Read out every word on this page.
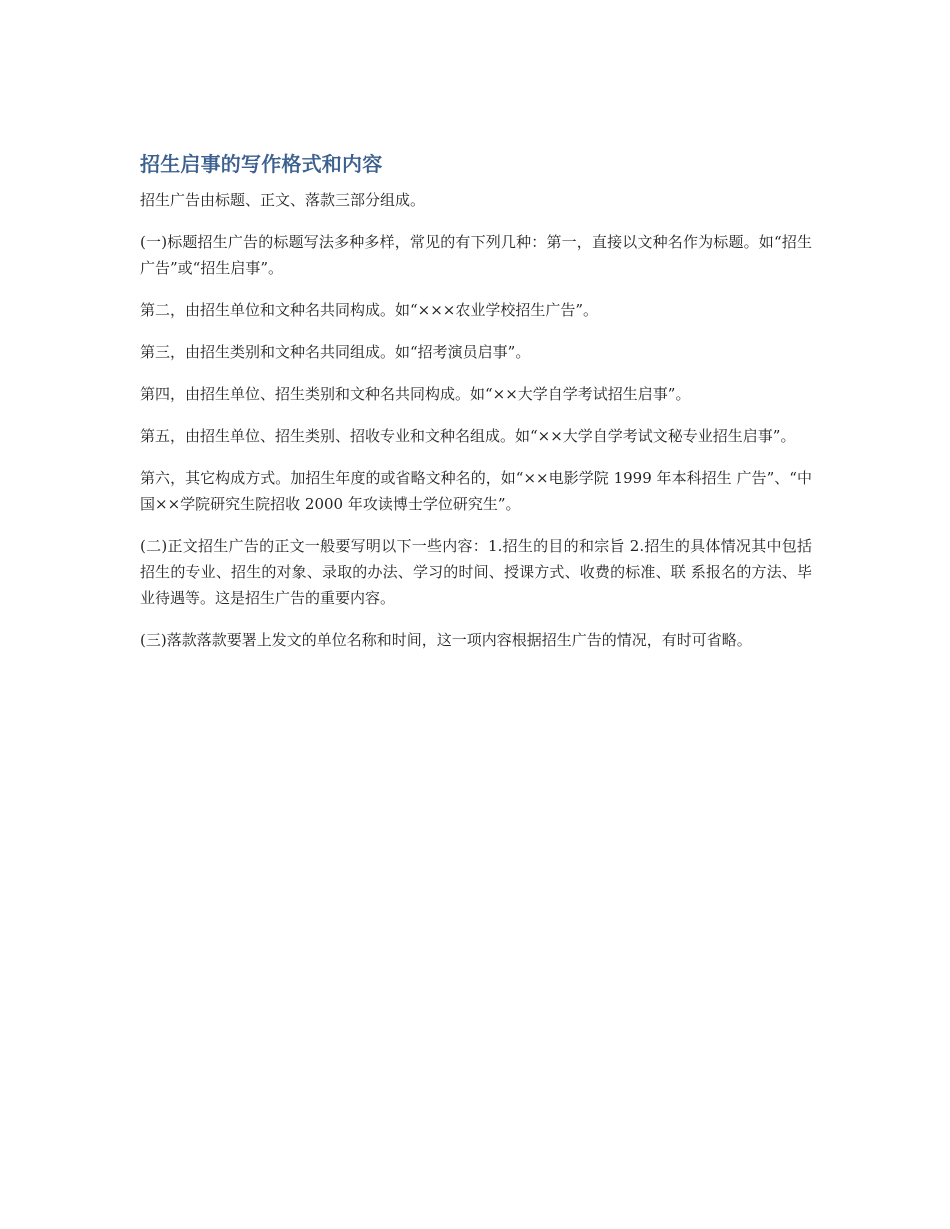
招生启事的写作格式和内容

招生广告由标题、正文、落款三部分组成。

(一)标题招生广告的标题写法多种多样，常见的有下列几种：第一，直接以文种名作为标题。如“招生广告”或“招生启事”。

第二，由招生单位和文种名共同构成。如“×××农业学校招生广告”。

第三，由招生类别和文种名共同组成。如“招考演员启事”。

第四，由招生单位、招生类别和文种名共同构成。如“××大学自学考试招生启事”。

第五，由招生单位、招生类别、招收专业和文种名组成。如“××大学自学考试文秘专业招生启事”。

第六，其它构成方式。加招生年度的或省略文种名的，如“××电影学院 1999 年本科招生 广告”、“中国××学院研究生院招收 2000 年攻读博士学位研究生”。

(二)正文招生广告的正文一般要写明以下一些内容：1.招生的目的和宗旨 2.招生的具体情况其中包括招生的专业、招生的对象、录取的办法、学习的时间、授课方式、收费的标准、联 系报名的方法、毕业待遇等。这是招生广告的重要内容。

(三)落款落款要署上发文的单位名称和时间，这一项内容根据招生广告的情况，有时可省略。
